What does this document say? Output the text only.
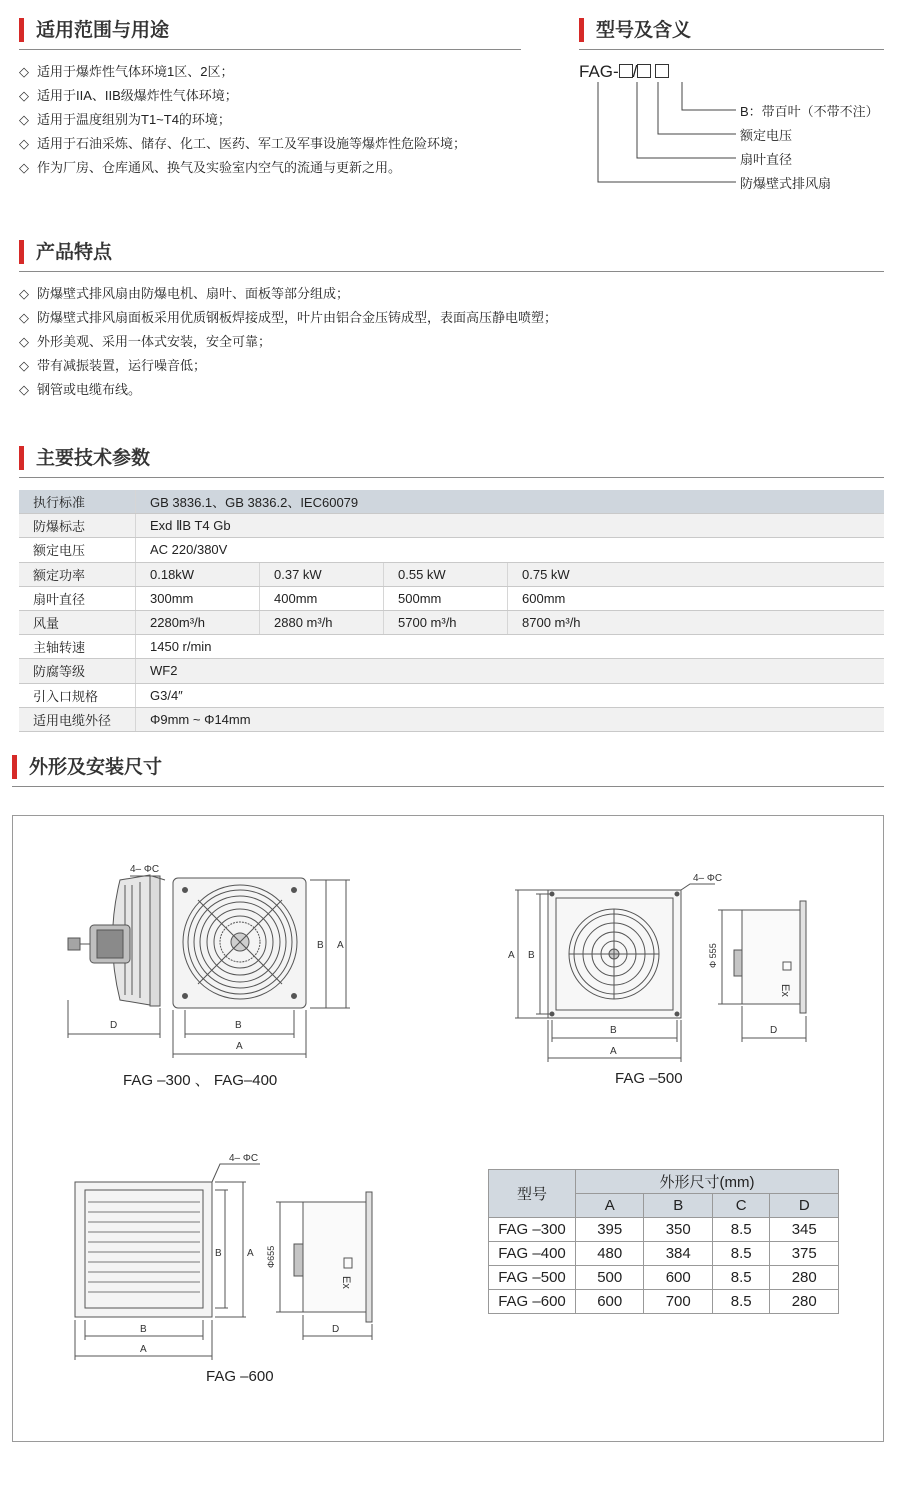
适用范围与用途
◇ 适用于爆炸性气体环境1区、2区；
◇ 适用于IIA、IIB级爆炸性气体环境；
◇ 适用于温度组别为T1~T4的环境；
◇ 适用于石油采炼、储存、化工、医药、军工及军事设施等爆炸性危险环境；
◇ 作为厂房、仓库通风、换气及实验室内空气的流通与更新之用。
型号及含义
FAG- /
B：带百叶（不带不注）
额定电压
扇叶直径
防爆壁式排风扇
产品特点
◇ 防爆壁式排风扇由防爆电机、扇叶、面板等部分组成；
◇ 防爆壁式排风扇面板采用优质钢板焊接成型，叶片由铝合金压铸成型，表面高压静电喷塑；
◇ 外形美观、采用一体式安装，安全可靠；
◇ 带有减振装置，运行噪音低；
◇ 钢管或电缆布线。
主要技术参数
执行标准	GB 3836.1、GB 3836.2、IEC60079			
防爆标志	Exd ⅡB T4 Gb			
额定电压	AC 220/380V			
额定功率	0.18kW	0.37 kW	0.55 kW	0.75 kW
扇叶直径	300mm	400mm	500mm	600mm
风量	2280m³/h	2880 m³/h	5700 m³/h	8700 m³/h
主轴转速	1450 r/min			
防腐等级	WF2			
引入口规格	G3/4″			
适用电缆外径	Φ9mm ~ Φ14mm			
外形及安装尺寸
4– ΦC
B A
B
A
D
FAG –300 、 FAG–400
4– ΦC
A B
B
A
D
Φ 555
Ex
FAG –500
4– ΦC
A
B
B
A
D
Φ655
Ex
FAG –600
型号	外形尺寸(mm)			
	A	B	C	D
FAG –300	395	350	8.5	345
FAG –400	480	384	8.5	375
FAG –500	500	600	8.5	280
FAG –600	600	700	8.5	280
